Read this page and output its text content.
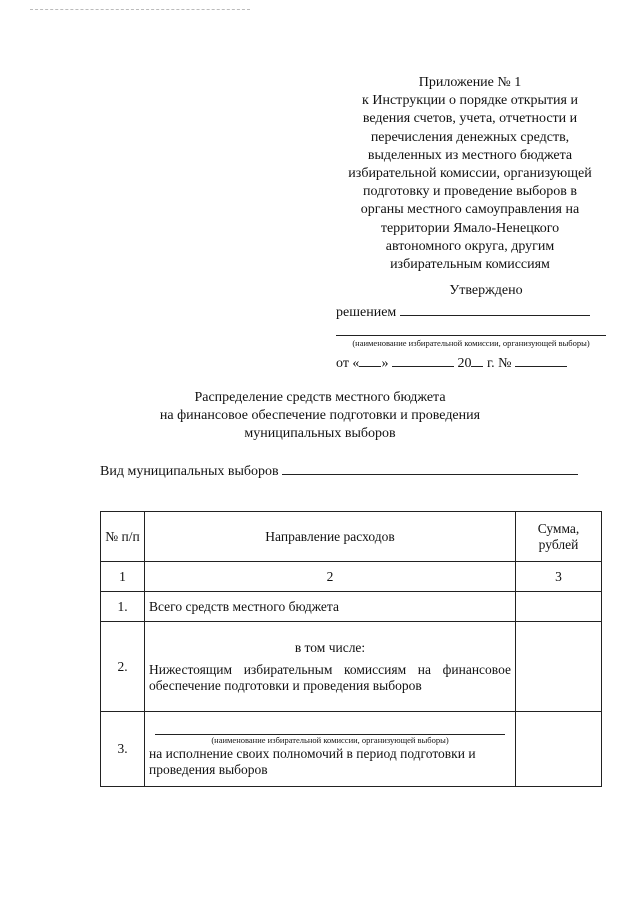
Приложение № 1
к Инструкции о порядке открытия и
ведения счетов, учета, отчетности и
перечисления денежных средств,
выделенных из местного бюджета
избирательной комиссии, организующей
подготовку и проведение выборов в
органы местного самоуправления на
территории Ямало-Ненецкого
автономного округа, другим
избирательным комиссиям
Утверждено
решением
(наименование избирательной комиссии, организующей выборы)
от « »	20 г. №
Распределение средств местного бюджета
на финансовое обеспечение подготовки и проведения
муниципальных выборов
Вид муниципальных выборов
№ п/п	Направление расходов	Сумма, рублей
1	2	3
1.	Всего средств местного бюджета	
2.	в том числе:
Нижестоящим избирательным комиссиям на финансовое обеспечение подготовки и проведения выборов	

3.	(наименование избирательной комиссии, организующей выборы)
на исполнение своих полномочий в период подготовки и проведения выборов	
